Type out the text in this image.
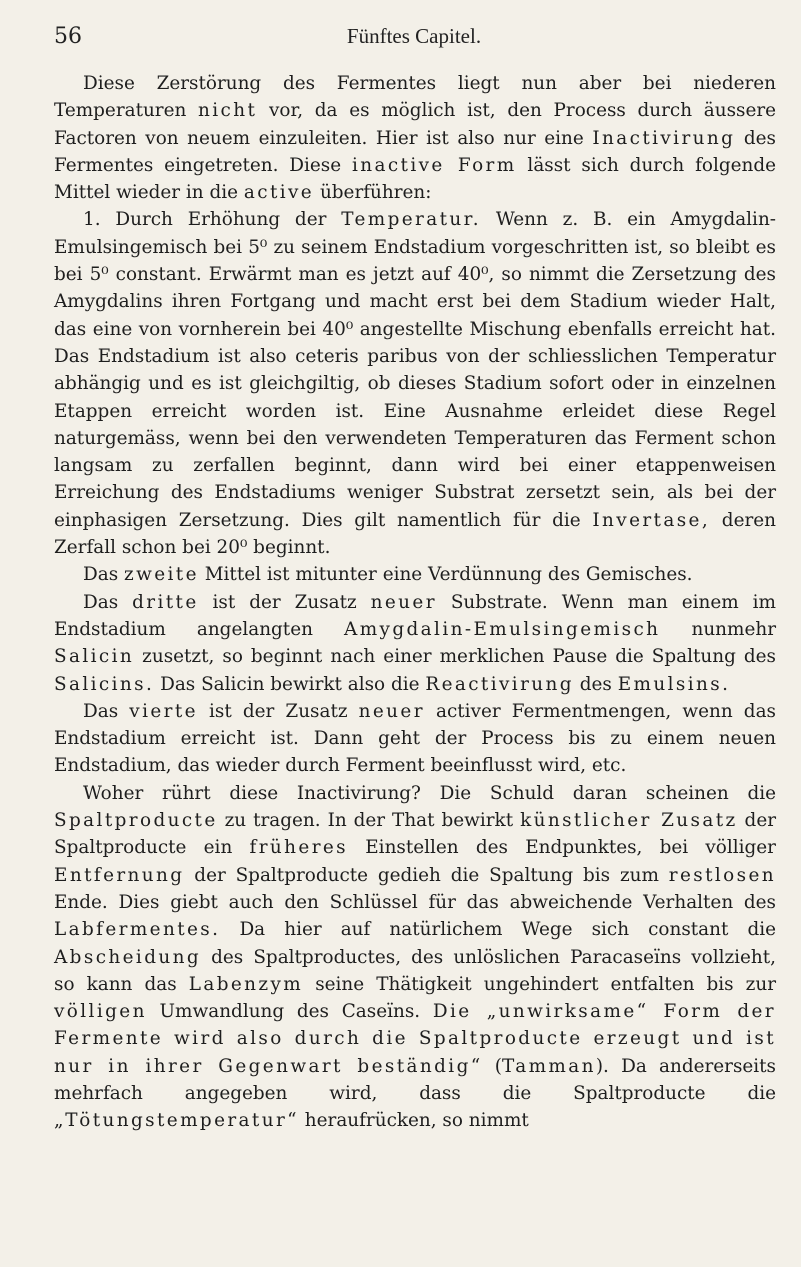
56	Fünftes Capitel.

Diese Zerstörung des Fermentes liegt nun aber bei niederen Temperaturen nicht vor, da es möglich ist, den Process durch äussere Factoren von neuem einzuleiten. Hier ist also nur eine Inactivirung des Fermentes eingetreten. Diese inactive Form lässt sich durch folgende Mittel wieder in die active überführen:

1. Durch Erhöhung der Temperatur. Wenn z. B. ein Amygdalin-Emulsingemisch bei 5⁰ zu seinem Endstadium vorgeschritten ist, so bleibt es bei 5⁰ constant. Erwärmt man es jetzt auf 40⁰, so nimmt die Zersetzung des Amygdalins ihren Fortgang und macht erst bei dem Stadium wieder Halt, das eine von vornherein bei 40⁰ angestellte Mischung ebenfalls erreicht hat. Das Endstadium ist also ceteris paribus von der schliesslichen Temperatur abhängig und es ist gleichgiltig, ob dieses Stadium sofort oder in einzelnen Etappen erreicht worden ist. Eine Ausnahme erleidet diese Regel naturgemäss, wenn bei den verwendeten Temperaturen das Ferment schon langsam zu zerfallen beginnt, dann wird bei einer etappenweisen Erreichung des Endstadiums weniger Substrat zersetzt sein, als bei der einphasigen Zersetzung. Dies gilt namentlich für die Invertase, deren Zerfall schon bei 20⁰ beginnt.

Das zweite Mittel ist mitunter eine Verdünnung des Gemisches.

Das dritte ist der Zusatz neuer Substrate. Wenn man einem im Endstadium angelangten Amygdalin-Emulsingemisch nunmehr Salicin zusetzt, so beginnt nach einer merklichen Pause die Spaltung des Salicins. Das Salicin bewirkt also die Reactivirung des Emulsins.

Das vierte ist der Zusatz neuer activer Fermentmengen, wenn das Endstadium erreicht ist. Dann geht der Process bis zu einem neuen Endstadium, das wieder durch Ferment beeinflusst wird, etc.

Woher rührt diese Inactivirung? Die Schuld daran scheinen die Spaltproducte zu tragen. In der That bewirkt künstlicher Zusatz der Spaltproducte ein früheres Einstellen des Endpunktes, bei völliger Entfernung der Spaltproducte gedieh die Spaltung bis zum restlosen Ende. Dies giebt auch den Schlüssel für das abweichende Verhalten des Labfermentes. Da hier auf natürlichem Wege sich constant die Abscheidung des Spaltproductes, des unlöslichen Paracaseïns vollzieht, so kann das Labenzym seine Thätigkeit ungehindert entfalten bis zur völligen Umwandlung des Caseïns. Die „unwirksame“ Form der Fermente wird also durch die Spaltproducte erzeugt und ist nur in ihrer Gegenwart beständig“ (Tamman). Da andererseits mehrfach angegeben wird, dass die Spaltproducte die „Tötungstemperatur“ heraufrücken, so nimmt
